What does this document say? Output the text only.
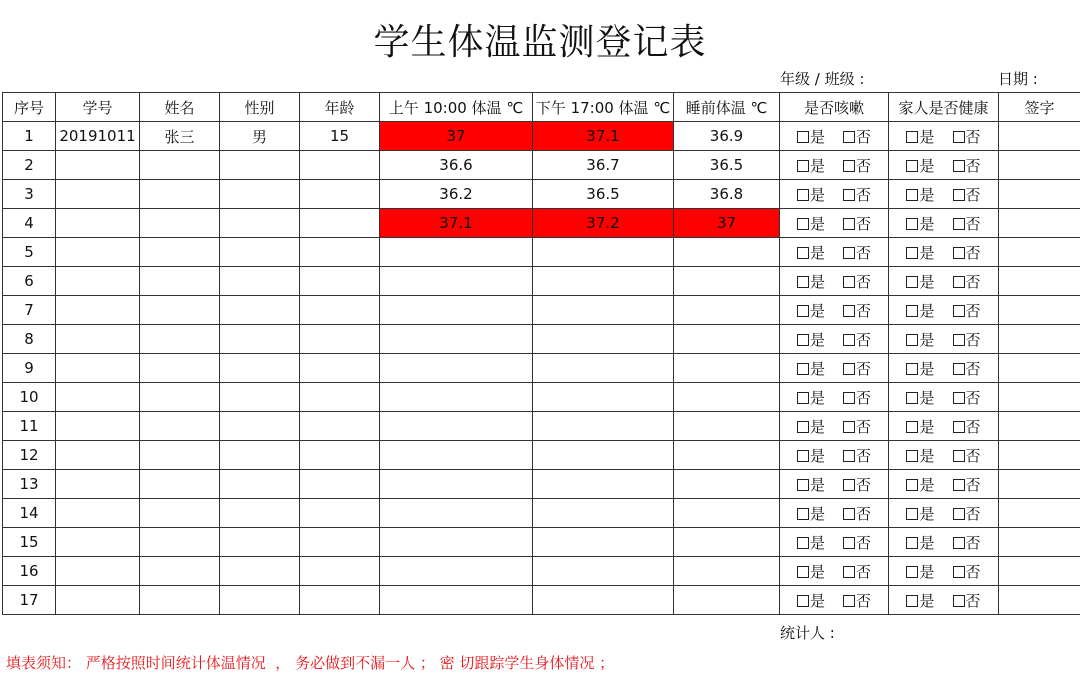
学生体温监测登记表
年级 / 班级 :	日期 :
序号	学号	姓名	性别	年龄	上午 10:00 体温 ℃	下午 17:00 体温 ℃	睡前体温 ℃	是否咳嗽	家人是否健康	签字
1	20191011	张三	男	15	37	37.1	36.9	是 否	是 否	
2					36.6	36.7	36.5	是 否	是 否	
3					36.2	36.5	36.8	是 否	是 否	
4					37.1	37.2	37	是 否	是 否	
5								是 否	是 否	
6								是 否	是 否	
7								是 否	是 否	
8								是 否	是 否	
9								是 否	是 否	
10								是 否	是 否	
11								是 否	是 否	
12								是 否	是 否	
13								是 否	是 否	
14								是 否	是 否	
15								是 否	是 否	
16								是 否	是 否	
17								是 否	是 否	
统计人 :
填表须知： 严格按照时间统计体温情况  ， 务必做到不漏一人 ； 密 切跟踪学生身体情况 ；
